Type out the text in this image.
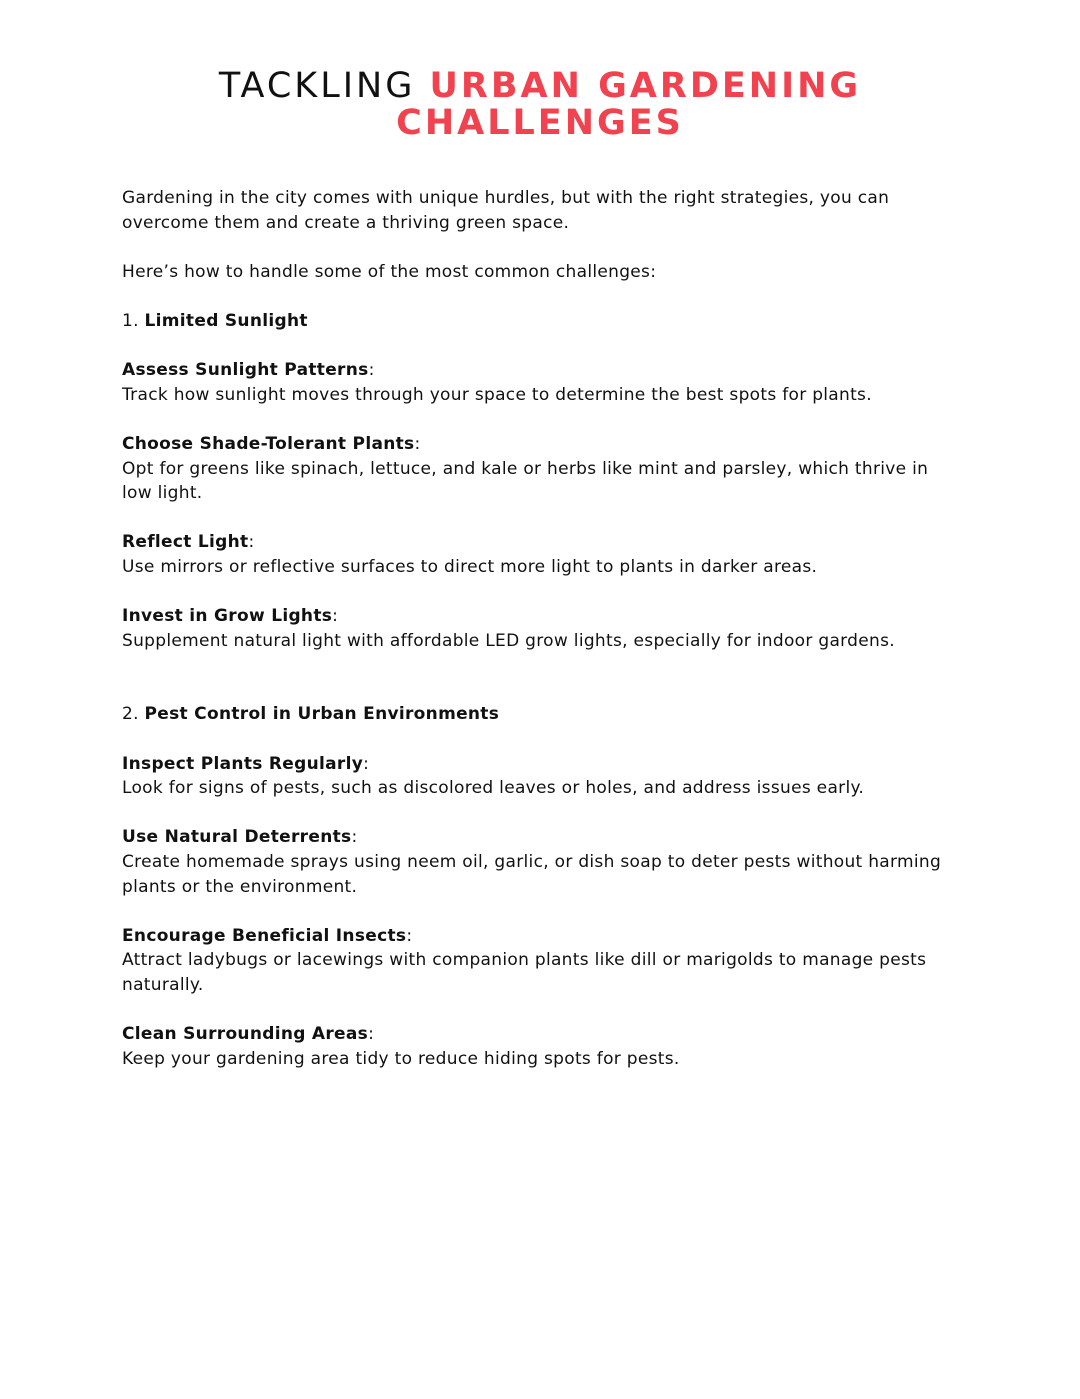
TACKLING URBAN GARDENING
CHALLENGES

Gardening in the city comes with unique hurdles, but with the right strategies, you can overcome them and create a thriving green space.

Here’s how to handle some of the most common challenges:

1. Limited Sunlight

Assess Sunlight Patterns:
Track how sunlight moves through your space to determine the best spots for plants.

Choose Shade-Tolerant Plants:
Opt for greens like spinach, lettuce, and kale or herbs like mint and parsley, which thrive in low light.

Reflect Light:
Use mirrors or reflective surfaces to direct more light to plants in darker areas.

Invest in Grow Lights:
Supplement natural light with affordable LED grow lights, especially for indoor gardens.

2. Pest Control in Urban Environments

Inspect Plants Regularly:
Look for signs of pests, such as discolored leaves or holes, and address issues early.

Use Natural Deterrents:
Create homemade sprays using neem oil, garlic, or dish soap to deter pests without harming plants or the environment.

Encourage Beneficial Insects:
Attract ladybugs or lacewings with companion plants like dill or marigolds to manage pests naturally.

Clean Surrounding Areas:
Keep your gardening area tidy to reduce hiding spots for pests.
